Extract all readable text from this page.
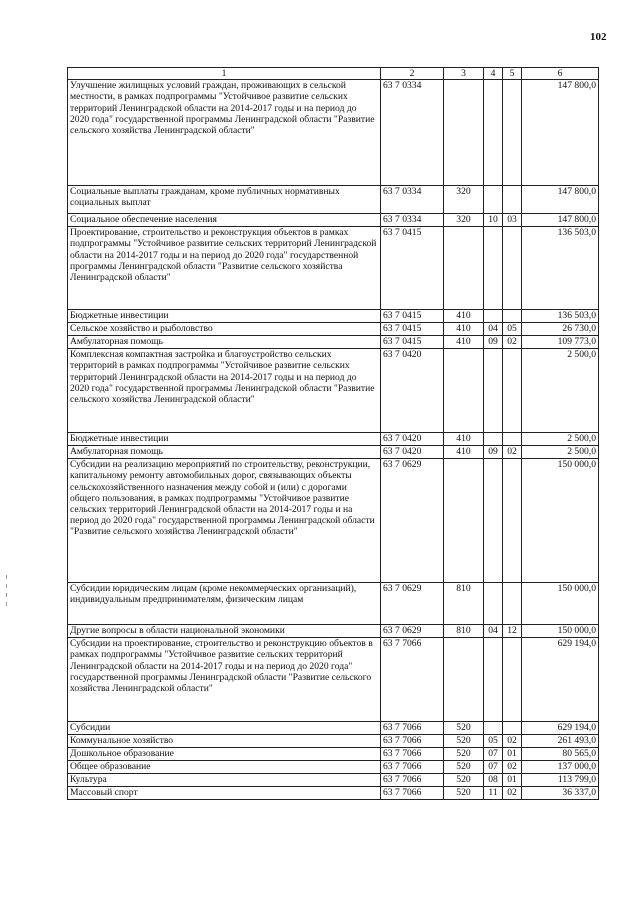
102
1	2	3	4	5	6
Улучшение жилищных условий граждан, проживающих в сельской местности, в рамках подпрограммы "Устойчивое развитие сельских территорий Ленинградской области на 2014-2017 годы и на период до 2020 года" государственной программы Ленинградской области "Развитие сельского хозяйства Ленинградской области"	63 7 0334				147 800,0
Социальные выплаты гражданам, кроме публичных нормативных социальных выплат	63 7 0334	320			147 800,0
Социальное обеспечение населения	63 7 0334	320	10	03	147 800,0
Проектирование, строительство и реконструкция объектов в рамках подпрограммы "Устойчивое развитие сельских территорий Ленинградской области на 2014-2017 годы и на период до 2020 года" государственной программы Ленинградской области "Развитие сельского хозяйства Ленинградской области"	63 7 0415				136 503,0
Бюджетные инвестиции	63 7 0415	410			136 503,0
Сельское хозяйство и рыболовство	63 7 0415	410	04	05	26 730,0
Амбулаторная помощь	63 7 0415	410	09	02	109 773,0
Комплексная компактная застройка и благоустройство сельских территорий в рамках подпрограммы "Устойчивое развитие сельских территорий Ленинградской области на 2014-2017 годы и на период до 2020 года" государственной программы Ленинградской области "Развитие сельского хозяйства Ленинградской области"	63 7 0420				2 500,0
Бюджетные инвестиции	63 7 0420	410			2 500,0
Амбулаторная помощь	63 7 0420	410	09	02	2 500,0
Субсидии на реализацию мероприятий по строительству, реконструкции, капитальному ремонту автомобильных дорог, связывающих объекты сельскохозяйственного назначения между собой и (или) с дорогами общего пользования, в рамках подпрограммы "Устойчивое развитие сельских территорий Ленинградской области на 2014-2017 годы и на период до 2020 года" государственной программы Ленинградской области "Развитие сельского хозяйства Ленинградской области"	63 7 0629				150 000,0
Субсидии юридическим лицам (кроме некоммерческих организаций), индивидуальным предпринимателям, физическим лицам	63 7 0629	810			150 000,0
Другие вопросы в области национальной экономики	63 7 0629	810	04	12	150 000,0
Субсидии на проектирование, строительство и реконструкцию объектов в рамках подпрограммы "Устойчивое развитие сельских территорий Ленинградской области на 2014-2017 годы и на период до 2020 года" государственной программы Ленинградской области "Развитие сельского хозяйства Ленинградской области"	63 7 7066				629 194,0
Субсидии	63 7 7066	520			629 194,0
Коммунальное хозяйство	63 7 7066	520	05	02	261 493,0
Дошкольное образование	63 7 7066	520	07	01	80 565,0
Общее образование	63 7 7066	520	07	02	137 000,0
Культура	63 7 7066	520	08	01	113 799,0
Массовый спорт	63 7 7066	520	11	02	36 337,0
